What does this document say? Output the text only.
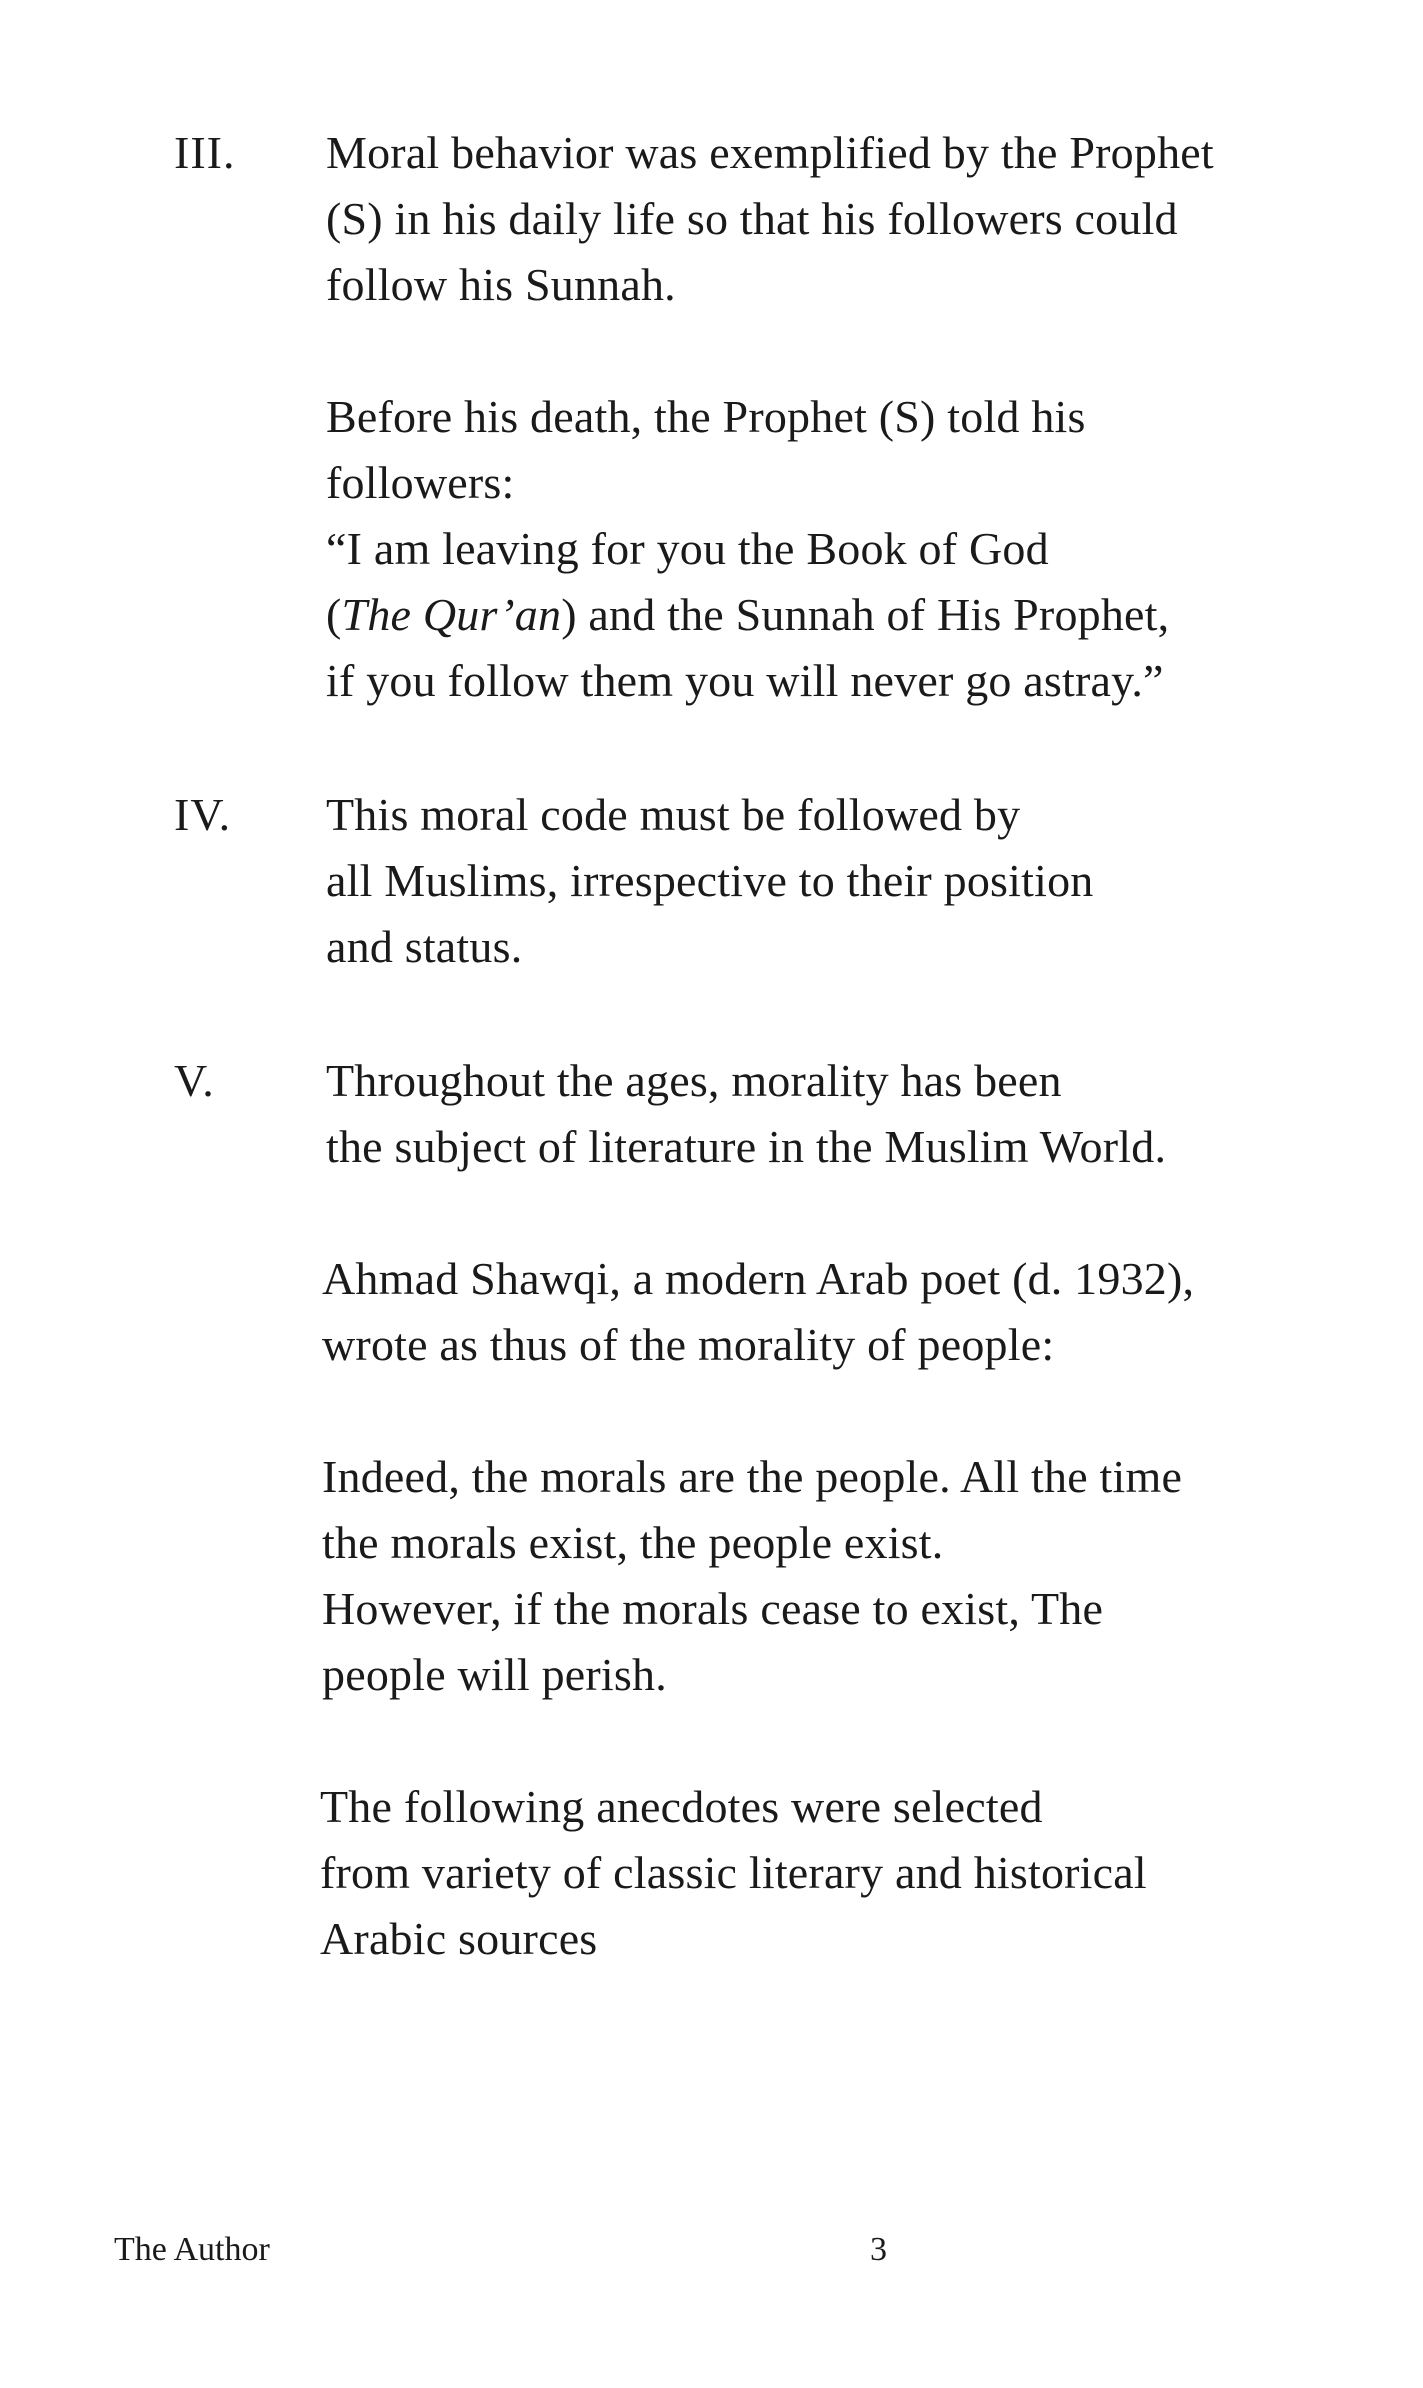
III. Moral behavior was exemplified by the Prophet
(S) in his daily life so that his followers could
follow his Sunnah.
Before his death, the Prophet (S) told his
followers:
“I am leaving for you the Book of God
(The Qur’an) and the Sunnah of His Prophet,
if you follow them you will never go astray.”
IV. This moral code must be followed by
all Muslims, irrespective to their position
and status.
V. Throughout the ages, morality has been
the subject of literature in the Muslim World.
Ahmad Shawqi, a modern Arab poet (d. 1932),
wrote as thus of the morality of people:
Indeed, the morals are the people. All the time
the morals exist, the people exist.
However, if the morals cease to exist, The
people will perish.
The following anecdotes were selected
from variety of classic literary and historical
Arabic sources
The Author	3
